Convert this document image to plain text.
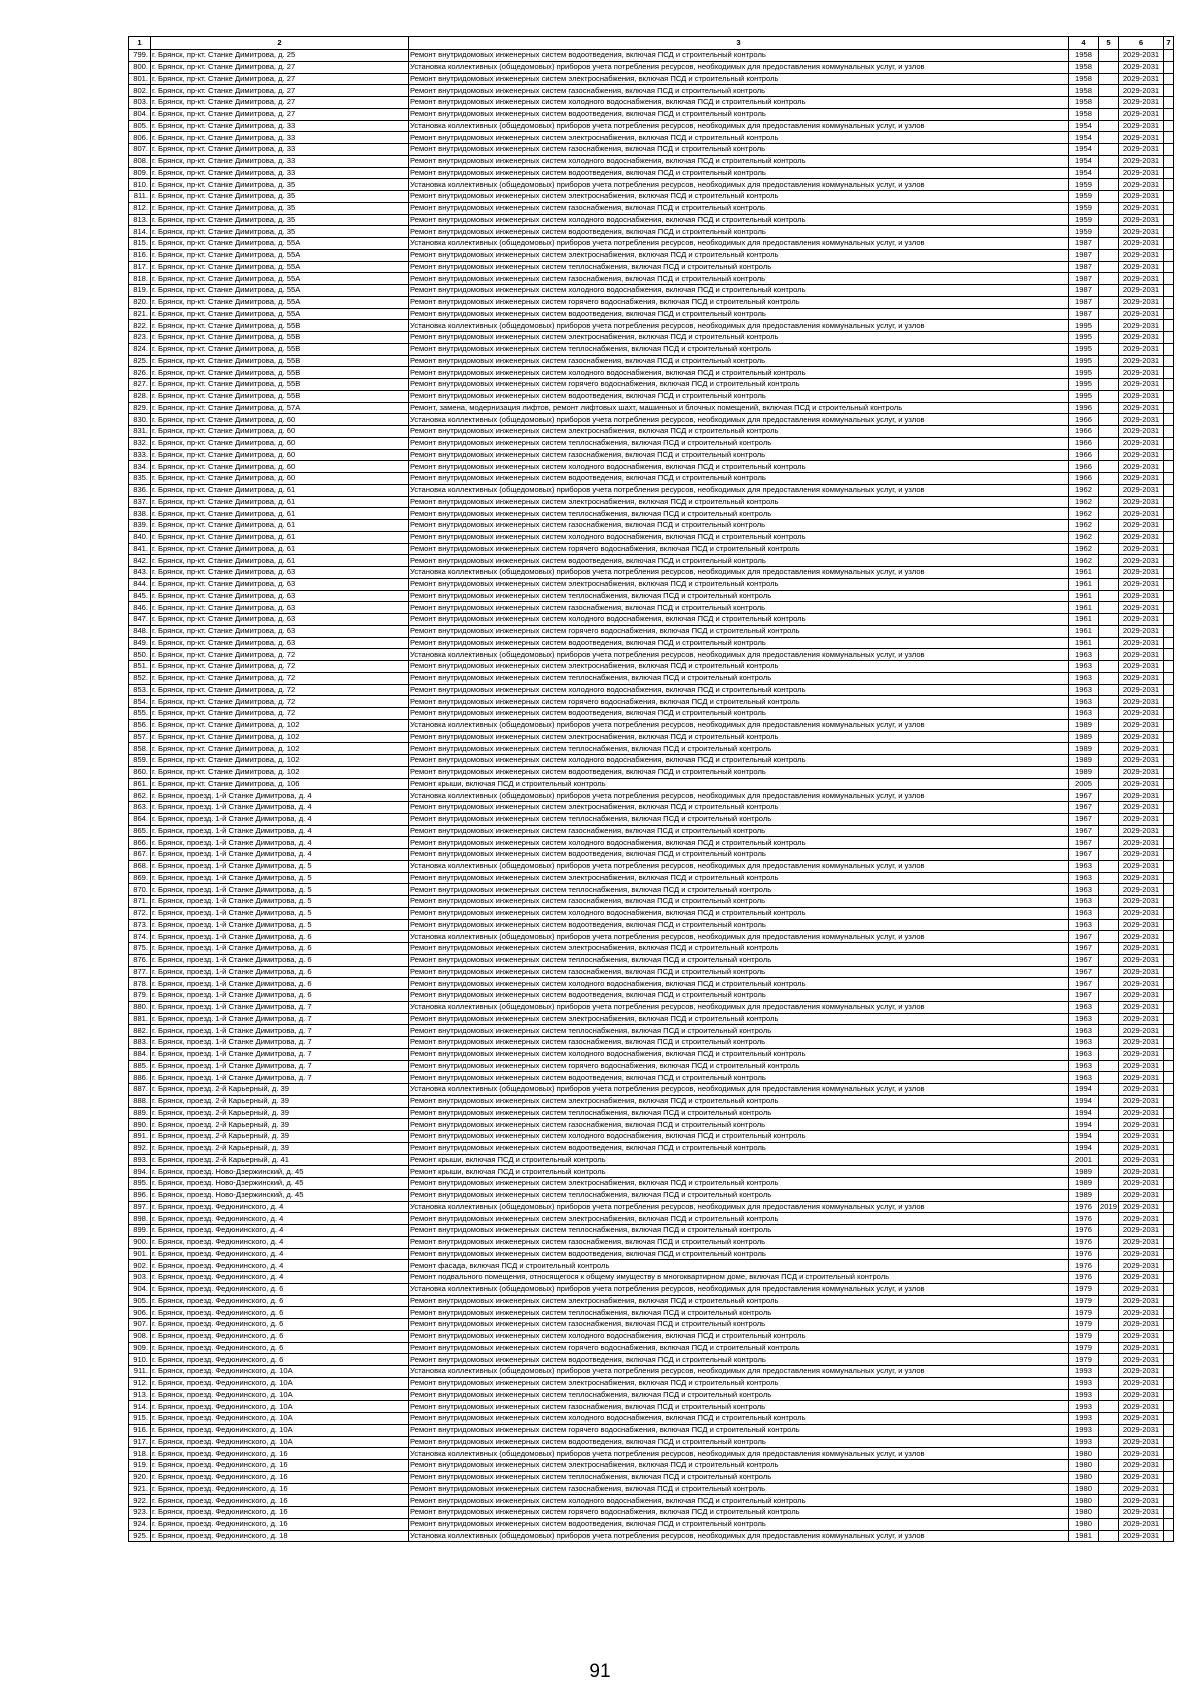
1	2	3	4	5	6	7
799.	г. Брянск, пр-кт. Станке Димитрова, д. 25	Ремонт внутридомовых инженерных систем водоотведения, включая ПСД и строительный контроль	1958		2029-2031	
800.	г. Брянск, пр-кт. Станке Димитрова, д. 27	Установка коллективных (общедомовых) приборов учета потребления ресурсов, необходимых для предоставления коммунальных услуг, и узлов	1958		2029-2031	
801.	г. Брянск, пр-кт. Станке Димитрова, д. 27	Ремонт внутридомовых инженерных систем электроснабжения, включая ПСД и строительный контроль	1958		2029-2031	
802.	г. Брянск, пр-кт. Станке Димитрова, д. 27	Ремонт внутридомовых инженерных систем газоснабжения, включая ПСД и строительный контроль	1958		2029-2031	
803.	г. Брянск, пр-кт. Станке Димитрова, д. 27	Ремонт внутридомовых инженерных систем холодного водоснабжения, включая ПСД и строительный контроль	1958		2029-2031	
804.	г. Брянск, пр-кт. Станке Димитрова, д. 27	Ремонт внутридомовых инженерных систем водоотведения, включая ПСД и строительный контроль	1958		2029-2031	
805.	г. Брянск, пр-кт. Станке Димитрова, д. 33	Установка коллективных (общедомовых) приборов учета потребления ресурсов, необходимых для предоставления коммунальных услуг, и узлов	1954		2029-2031	
806.	г. Брянск, пр-кт. Станке Димитрова, д. 33	Ремонт внутридомовых инженерных систем электроснабжения, включая ПСД и строительный контроль	1954		2029-2031	
807.	г. Брянск, пр-кт. Станке Димитрова, д. 33	Ремонт внутридомовых инженерных систем газоснабжения, включая ПСД и строительный контроль	1954		2029-2031	
808.	г. Брянск, пр-кт. Станке Димитрова, д. 33	Ремонт внутридомовых инженерных систем холодного водоснабжения, включая ПСД и строительный контроль	1954		2029-2031	
809.	г. Брянск, пр-кт. Станке Димитрова, д. 33	Ремонт внутридомовых инженерных систем водоотведения, включая ПСД и строительный контроль	1954		2029-2031	
810.	г. Брянск, пр-кт. Станке Димитрова, д. 35	Установка коллективных (общедомовых) приборов учета потребления ресурсов, необходимых для предоставления коммунальных услуг, и узлов	1959		2029-2031	
811.	г. Брянск, пр-кт. Станке Димитрова, д. 35	Ремонт внутридомовых инженерных систем электроснабжения, включая ПСД и строительный контроль	1959		2029-2031	
812.	г. Брянск, пр-кт. Станке Димитрова, д. 35	Ремонт внутридомовых инженерных систем газоснабжения, включая ПСД и строительный контроль	1959		2029-2031	
813.	г. Брянск, пр-кт. Станке Димитрова, д. 35	Ремонт внутридомовых инженерных систем холодного водоснабжения, включая ПСД и строительный контроль	1959		2029-2031	
814.	г. Брянск, пр-кт. Станке Димитрова, д. 35	Ремонт внутридомовых инженерных систем водоотведения, включая ПСД и строительный контроль	1959		2029-2031	
815.	г. Брянск, пр-кт. Станке Димитрова, д. 55А	Установка коллективных (общедомовых) приборов учета потребления ресурсов, необходимых для предоставления коммунальных услуг, и узлов	1987		2029-2031	
816.	г. Брянск, пр-кт. Станке Димитрова, д. 55А	Ремонт внутридомовых инженерных систем электроснабжения, включая ПСД и строительный контроль	1987		2029-2031	
817.	г. Брянск, пр-кт. Станке Димитрова, д. 55А	Ремонт внутридомовых инженерных систем теплоснабжения, включая ПСД и строительный контроль	1987		2029-2031	
818.	г. Брянск, пр-кт. Станке Димитрова, д. 55А	Ремонт внутридомовых инженерных систем газоснабжения, включая ПСД и строительный контроль	1987		2029-2031	
819.	г. Брянск, пр-кт. Станке Димитрова, д. 55А	Ремонт внутридомовых инженерных систем холодного водоснабжения, включая ПСД и строительный контроль	1987		2029-2031	
820.	г. Брянск, пр-кт. Станке Димитрова, д. 55А	Ремонт внутридомовых инженерных систем горячего водоснабжения, включая ПСД и строительный контроль	1987		2029-2031	
821.	г. Брянск, пр-кт. Станке Димитрова, д. 55А	Ремонт внутридомовых инженерных систем водоотведения, включая ПСД и строительный контроль	1987		2029-2031	
822.	г. Брянск, пр-кт. Станке Димитрова, д. 55В	Установка коллективных (общедомовых) приборов учета потребления ресурсов, необходимых для предоставления коммунальных услуг, и узлов	1995		2029-2031	
823.	г. Брянск, пр-кт. Станке Димитрова, д. 55В	Ремонт внутридомовых инженерных систем электроснабжения, включая ПСД и строительный контроль	1995		2029-2031	
824.	г. Брянск, пр-кт. Станке Димитрова, д. 55В	Ремонт внутридомовых инженерных систем теплоснабжения, включая ПСД и строительный контроль	1995		2029-2031	
825.	г. Брянск, пр-кт. Станке Димитрова, д. 55В	Ремонт внутридомовых инженерных систем газоснабжения, включая ПСД и строительный контроль	1995		2029-2031	
826.	г. Брянск, пр-кт. Станке Димитрова, д. 55В	Ремонт внутридомовых инженерных систем холодного водоснабжения, включая ПСД и строительный контроль	1995		2029-2031	
827.	г. Брянск, пр-кт. Станке Димитрова, д. 55В	Ремонт внутридомовых инженерных систем горячего водоснабжения, включая ПСД и строительный контроль	1995		2029-2031	
828.	г. Брянск, пр-кт. Станке Димитрова, д. 55В	Ремонт внутридомовых инженерных систем водоотведения, включая ПСД и строительный контроль	1995		2029-2031	
829.	г. Брянск, пр-кт. Станке Димитрова, д. 57А	Ремонт, замена, модернизация лифтов, ремонт лифтовых шахт, машинных и блочных помещений, включая ПСД и строительный контроль	1996		2029-2031	
830.	г. Брянск, пр-кт. Станке Димитрова, д. 60	Установка коллективных (общедомовых) приборов учета потребления ресурсов, необходимых для предоставления коммунальных услуг, и узлов	1966		2029-2031	
831.	г. Брянск, пр-кт. Станке Димитрова, д. 60	Ремонт внутридомовых инженерных систем электроснабжения, включая ПСД и строительный контроль	1966		2029-2031	
832.	г. Брянск, пр-кт. Станке Димитрова, д. 60	Ремонт внутридомовых инженерных систем теплоснабжения, включая ПСД и строительный контроль	1966		2029-2031	
833.	г. Брянск, пр-кт. Станке Димитрова, д. 60	Ремонт внутридомовых инженерных систем газоснабжения, включая ПСД и строительный контроль	1966		2029-2031	
834.	г. Брянск, пр-кт. Станке Димитрова, д. 60	Ремонт внутридомовых инженерных систем холодного водоснабжения, включая ПСД и строительный контроль	1966		2029-2031	
835.	г. Брянск, пр-кт. Станке Димитрова, д. 60	Ремонт внутридомовых инженерных систем водоотведения, включая ПСД и строительный контроль	1966		2029-2031	
836.	г. Брянск, пр-кт. Станке Димитрова, д. 61	Установка коллективных (общедомовых) приборов учета потребления ресурсов, необходимых для предоставления коммунальных услуг, и узлов	1962		2029-2031	
837.	г. Брянск, пр-кт. Станке Димитрова, д. 61	Ремонт внутридомовых инженерных систем электроснабжения, включая ПСД и строительный контроль	1962		2029-2031	
838.	г. Брянск, пр-кт. Станке Димитрова, д. 61	Ремонт внутридомовых инженерных систем теплоснабжения, включая ПСД и строительный контроль	1962		2029-2031	
839.	г. Брянск, пр-кт. Станке Димитрова, д. 61	Ремонт внутридомовых инженерных систем газоснабжения, включая ПСД и строительный контроль	1962		2029-2031	
840.	г. Брянск, пр-кт. Станке Димитрова, д. 61	Ремонт внутридомовых инженерных систем холодного водоснабжения, включая ПСД и строительный контроль	1962		2029-2031	
841.	г. Брянск, пр-кт. Станке Димитрова, д. 61	Ремонт внутридомовых инженерных систем горячего водоснабжения, включая ПСД и строительный контроль	1962		2029-2031	
842.	г. Брянск, пр-кт. Станке Димитрова, д. 61	Ремонт внутридомовых инженерных систем водоотведения, включая ПСД и строительный контроль	1962		2029-2031	
843.	г. Брянск, пр-кт. Станке Димитрова, д. 63	Установка коллективных (общедомовых) приборов учета потребления ресурсов, необходимых для предоставления коммунальных услуг, и узлов	1961		2029-2031	
844.	г. Брянск, пр-кт. Станке Димитрова, д. 63	Ремонт внутридомовых инженерных систем электроснабжения, включая ПСД и строительный контроль	1961		2029-2031	
845.	г. Брянск, пр-кт. Станке Димитрова, д. 63	Ремонт внутридомовых инженерных систем теплоснабжения, включая ПСД и строительный контроль	1961		2029-2031	
846.	г. Брянск, пр-кт. Станке Димитрова, д. 63	Ремонт внутридомовых инженерных систем газоснабжения, включая ПСД и строительный контроль	1961		2029-2031	
847.	г. Брянск, пр-кт. Станке Димитрова, д. 63	Ремонт внутридомовых инженерных систем холодного водоснабжения, включая ПСД и строительный контроль	1961		2029-2031	
848.	г. Брянск, пр-кт. Станке Димитрова, д. 63	Ремонт внутридомовых инженерных систем горячего водоснабжения, включая ПСД и строительный контроль	1961		2029-2031	
849.	г. Брянск, пр-кт. Станке Димитрова, д. 63	Ремонт внутридомовых инженерных систем водоотведения, включая ПСД и строительный контроль	1961		2029-2031	
850.	г. Брянск, пр-кт. Станке Димитрова, д. 72	Установка коллективных (общедомовых) приборов учета потребления ресурсов, необходимых для предоставления коммунальных услуг, и узлов	1963		2029-2031	
851.	г. Брянск, пр-кт. Станке Димитрова, д. 72	Ремонт внутридомовых инженерных систем электроснабжения, включая ПСД и строительный контроль	1963		2029-2031	
852.	г. Брянск, пр-кт. Станке Димитрова, д. 72	Ремонт внутридомовых инженерных систем теплоснабжения, включая ПСД и строительный контроль	1963		2029-2031	
853.	г. Брянск, пр-кт. Станке Димитрова, д. 72	Ремонт внутридомовых инженерных систем холодного водоснабжения, включая ПСД и строительный контроль	1963		2029-2031	
854.	г. Брянск, пр-кт. Станке Димитрова, д. 72	Ремонт внутридомовых инженерных систем горячего водоснабжения, включая ПСД и строительный контроль	1963		2029-2031	
855.	г. Брянск, пр-кт. Станке Димитрова, д. 72	Ремонт внутридомовых инженерных систем водоотведения, включая ПСД и строительный контроль	1963		2029-2031	
856.	г. Брянск, пр-кт. Станке Димитрова, д. 102	Установка коллективных (общедомовых) приборов учета потребления ресурсов, необходимых для предоставления коммунальных услуг, и узлов	1989		2029-2031	
857.	г. Брянск, пр-кт. Станке Димитрова, д. 102	Ремонт внутридомовых инженерных систем электроснабжения, включая ПСД и строительный контроль	1989		2029-2031	
858.	г. Брянск, пр-кт. Станке Димитрова, д. 102	Ремонт внутридомовых инженерных систем теплоснабжения, включая ПСД и строительный контроль	1989		2029-2031	
859.	г. Брянск, пр-кт. Станке Димитрова, д. 102	Ремонт внутридомовых инженерных систем холодного водоснабжения, включая ПСД и строительный контроль	1989		2029-2031	
860.	г. Брянск, пр-кт. Станке Димитрова, д. 102	Ремонт внутридомовых инженерных систем водоотведения, включая ПСД и строительный контроль	1989		2029-2031	
861.	г. Брянск, пр-кт. Станке Димитрова, д. 106	Ремонт крыши, включая ПСД и строительный контроль	2005		2029-2031	
862.	г. Брянск, проезд. 1-й Станке Димитрова, д. 4	Установка коллективных (общедомовых) приборов учета потребления ресурсов, необходимых для предоставления коммунальных услуг, и узлов	1967		2029-2031	
863.	г. Брянск, проезд. 1-й Станке Димитрова, д. 4	Ремонт внутридомовых инженерных систем электроснабжения, включая ПСД и строительный контроль	1967		2029-2031	
864.	г. Брянск, проезд. 1-й Станке Димитрова, д. 4	Ремонт внутридомовых инженерных систем теплоснабжения, включая ПСД и строительный контроль	1967		2029-2031	
865.	г. Брянск, проезд. 1-й Станке Димитрова, д. 4	Ремонт внутридомовых инженерных систем газоснабжения, включая ПСД и строительный контроль	1967		2029-2031	
866.	г. Брянск, проезд. 1-й Станке Димитрова, д. 4	Ремонт внутридомовых инженерных систем холодного водоснабжения, включая ПСД и строительный контроль	1967		2029-2031	
867.	г. Брянск, проезд. 1-й Станке Димитрова, д. 4	Ремонт внутридомовых инженерных систем водоотведения, включая ПСД и строительный контроль	1967		2029-2031	
868.	г. Брянск, проезд. 1-й Станке Димитрова, д. 5	Установка коллективных (общедомовых) приборов учета потребления ресурсов, необходимых для предоставления коммунальных услуг, и узлов	1963		2029-2031	
869.	г. Брянск, проезд. 1-й Станке Димитрова, д. 5	Ремонт внутридомовых инженерных систем электроснабжения, включая ПСД и строительный контроль	1963		2029-2031	
870.	г. Брянск, проезд. 1-й Станке Димитрова, д. 5	Ремонт внутридомовых инженерных систем теплоснабжения, включая ПСД и строительный контроль	1963		2029-2031	
871.	г. Брянск, проезд. 1-й Станке Димитрова, д. 5	Ремонт внутридомовых инженерных систем газоснабжения, включая ПСД и строительный контроль	1963		2029-2031	
872.	г. Брянск, проезд. 1-й Станке Димитрова, д. 5	Ремонт внутридомовых инженерных систем холодного водоснабжения, включая ПСД и строительный контроль	1963		2029-2031	
873.	г. Брянск, проезд. 1-й Станке Димитрова, д. 5	Ремонт внутридомовых инженерных систем водоотведения, включая ПСД и строительный контроль	1963		2029-2031	
874.	г. Брянск, проезд. 1-й Станке Димитрова, д. 6	Установка коллективных (общедомовых) приборов учета потребления ресурсов, необходимых для предоставления коммунальных услуг, и узлов	1967		2029-2031	
875.	г. Брянск, проезд. 1-й Станке Димитрова, д. 6	Ремонт внутридомовых инженерных систем электроснабжения, включая ПСД и строительный контроль	1967		2029-2031	
876.	г. Брянск, проезд. 1-й Станке Димитрова, д. 6	Ремонт внутридомовых инженерных систем теплоснабжения, включая ПСД и строительный контроль	1967		2029-2031	
877.	г. Брянск, проезд. 1-й Станке Димитрова, д. 6	Ремонт внутридомовых инженерных систем газоснабжения, включая ПСД и строительный контроль	1967		2029-2031	
878.	г. Брянск, проезд. 1-й Станке Димитрова, д. 6	Ремонт внутридомовых инженерных систем холодного водоснабжения, включая ПСД и строительный контроль	1967		2029-2031	
879.	г. Брянск, проезд. 1-й Станке Димитрова, д. 6	Ремонт внутридомовых инженерных систем водоотведения, включая ПСД и строительный контроль	1967		2029-2031	
880.	г. Брянск, проезд. 1-й Станке Димитрова, д. 7	Установка коллективных (общедомовых) приборов учета потребления ресурсов, необходимых для предоставления коммунальных услуг, и узлов	1963		2029-2031	
881.	г. Брянск, проезд. 1-й Станке Димитрова, д. 7	Ремонт внутридомовых инженерных систем электроснабжения, включая ПСД и строительный контроль	1963		2029-2031	
882.	г. Брянск, проезд. 1-й Станке Димитрова, д. 7	Ремонт внутридомовых инженерных систем теплоснабжения, включая ПСД и строительный контроль	1963		2029-2031	
883.	г. Брянск, проезд. 1-й Станке Димитрова, д. 7	Ремонт внутридомовых инженерных систем газоснабжения, включая ПСД и строительный контроль	1963		2029-2031	
884.	г. Брянск, проезд. 1-й Станке Димитрова, д. 7	Ремонт внутридомовых инженерных систем холодного водоснабжения, включая ПСД и строительный контроль	1963		2029-2031	
885.	г. Брянск, проезд. 1-й Станке Димитрова, д. 7	Ремонт внутридомовых инженерных систем горячего водоснабжения, включая ПСД и строительный контроль	1963		2029-2031	
886.	г. Брянск, проезд. 1-й Станке Димитрова, д. 7	Ремонт внутридомовых инженерных систем водоотведения, включая ПСД и строительный контроль	1963		2029-2031	
887.	г. Брянск, проезд. 2-й Карьерный, д. 39	Установка коллективных (общедомовых) приборов учета потребления ресурсов, необходимых для предоставления коммунальных услуг, и узлов	1994		2029-2031	
888.	г. Брянск, проезд. 2-й Карьерный, д. 39	Ремонт внутридомовых инженерных систем электроснабжения, включая ПСД и строительный контроль	1994		2029-2031	
889.	г. Брянск, проезд. 2-й Карьерный, д. 39	Ремонт внутридомовых инженерных систем теплоснабжения, включая ПСД и строительный контроль	1994		2029-2031	
890.	г. Брянск, проезд. 2-й Карьерный, д. 39	Ремонт внутридомовых инженерных систем газоснабжения, включая ПСД и строительный контроль	1994		2029-2031	
891.	г. Брянск, проезд. 2-й Карьерный, д. 39	Ремонт внутридомовых инженерных систем холодного водоснабжения, включая ПСД и строительный контроль	1994		2029-2031	
892.	г. Брянск, проезд. 2-й Карьерный, д. 39	Ремонт внутридомовых инженерных систем водоотведения, включая ПСД и строительный контроль	1994		2029-2031	
893.	г. Брянск, проезд. 2-й Карьерный, д. 41	Ремонт крыши, включая ПСД и строительный контроль	2001		2029-2031	
894.	г. Брянск, проезд. Ново-Дзержинский, д. 45	Ремонт крыши, включая ПСД и строительный контроль	1989		2029-2031	
895.	г. Брянск, проезд. Ново-Дзержинский, д. 45	Ремонт внутридомовых инженерных систем электроснабжения, включая ПСД и строительный контроль	1989		2029-2031	
896.	г. Брянск, проезд. Ново-Дзержинский, д. 45	Ремонт внутридомовых инженерных систем теплоснабжения, включая ПСД и строительный контроль	1989		2029-2031	
897.	г. Брянск, проезд. Федюнинского, д. 4	Установка коллективных (общедомовых) приборов учета потребления ресурсов, необходимых для предоставления коммунальных услуг, и узлов	1976	2019	2029-2031	
898.	г. Брянск, проезд. Федюнинского, д. 4	Ремонт внутридомовых инженерных систем электроснабжения, включая ПСД и строительный контроль	1976		2029-2031	
899.	г. Брянск, проезд. Федюнинского, д. 4	Ремонт внутридомовых инженерных систем теплоснабжения, включая ПСД и строительный контроль	1976		2029-2031	
900.	г. Брянск, проезд. Федюнинского, д. 4	Ремонт внутридомовых инженерных систем газоснабжения, включая ПСД и строительный контроль	1976		2029-2031	
901.	г. Брянск, проезд. Федюнинского, д. 4	Ремонт внутридомовых инженерных систем водоотведения, включая ПСД и строительный контроль	1976		2029-2031	
902.	г. Брянск, проезд. Федюнинского, д. 4	Ремонт фасада, включая ПСД и строительный контроль	1976		2029-2031	
903.	г. Брянск, проезд. Федюнинского, д. 4	Ремонт подвального помещения, относящегося к общему имуществу в многоквартирном доме, включая ПСД и строительный контроль	1976		2029-2031	
904.	г. Брянск, проезд. Федюнинского, д. 6	Установка коллективных (общедомовых) приборов учета потребления ресурсов, необходимых для предоставления коммунальных услуг, и узлов	1979		2029-2031	
905.	г. Брянск, проезд. Федюнинского, д. 6	Ремонт внутридомовых инженерных систем электроснабжения, включая ПСД и строительный контроль	1979		2029-2031	
906.	г. Брянск, проезд. Федюнинского, д. 6	Ремонт внутридомовых инженерных систем теплоснабжения, включая ПСД и строительный контроль	1979		2029-2031	
907.	г. Брянск, проезд. Федюнинского, д. 6	Ремонт внутридомовых инженерных систем газоснабжения, включая ПСД и строительный контроль	1979		2029-2031	
908.	г. Брянск, проезд. Федюнинского, д. 6	Ремонт внутридомовых инженерных систем холодного водоснабжения, включая ПСД и строительный контроль	1979		2029-2031	
909.	г. Брянск, проезд. Федюнинского, д. 6	Ремонт внутридомовых инженерных систем горячего водоснабжения, включая ПСД и строительный контроль	1979		2029-2031	
910.	г. Брянск, проезд. Федюнинского, д. 6	Ремонт внутридомовых инженерных систем водоотведения, включая ПСД и строительный контроль	1979		2029-2031	
911.	г. Брянск, проезд. Федюнинского, д. 10А	Установка коллективных (общедомовых) приборов учета потребления ресурсов, необходимых для предоставления коммунальных услуг, и узлов	1993		2029-2031	
912.	г. Брянск, проезд. Федюнинского, д. 10А	Ремонт внутридомовых инженерных систем электроснабжения, включая ПСД и строительный контроль	1993		2029-2031	
913.	г. Брянск, проезд. Федюнинского, д. 10А	Ремонт внутридомовых инженерных систем теплоснабжения, включая ПСД и строительный контроль	1993		2029-2031	
914.	г. Брянск, проезд. Федюнинского, д. 10А	Ремонт внутридомовых инженерных систем газоснабжения, включая ПСД и строительный контроль	1993		2029-2031	
915.	г. Брянск, проезд. Федюнинского, д. 10А	Ремонт внутридомовых инженерных систем холодного водоснабжения, включая ПСД и строительный контроль	1993		2029-2031	
916.	г. Брянск, проезд. Федюнинского, д. 10А	Ремонт внутридомовых инженерных систем горячего водоснабжения, включая ПСД и строительный контроль	1993		2029-2031	
917.	г. Брянск, проезд. Федюнинского, д. 10А	Ремонт внутридомовых инженерных систем водоотведения, включая ПСД и строительный контроль	1993		2029-2031	
918.	г. Брянск, проезд. Федюнинского, д. 16	Установка коллективных (общедомовых) приборов учета потребления ресурсов, необходимых для предоставления коммунальных услуг, и узлов	1980		2029-2031	
919.	г. Брянск, проезд. Федюнинского, д. 16	Ремонт внутридомовых инженерных систем электроснабжения, включая ПСД и строительный контроль	1980		2029-2031	
920.	г. Брянск, проезд. Федюнинского, д. 16	Ремонт внутридомовых инженерных систем теплоснабжения, включая ПСД и строительный контроль	1980		2029-2031	
921.	г. Брянск, проезд. Федюнинского, д. 16	Ремонт внутридомовых инженерных систем газоснабжения, включая ПСД и строительный контроль	1980		2029-2031	
922.	г. Брянск, проезд. Федюнинского, д. 16	Ремонт внутридомовых инженерных систем холодного водоснабжения, включая ПСД и строительный контроль	1980		2029-2031	
923.	г. Брянск, проезд. Федюнинского, д. 16	Ремонт внутридомовых инженерных систем горячего водоснабжения, включая ПСД и строительный контроль	1980		2029-2031	
924.	г. Брянск, проезд. Федюнинского, д. 16	Ремонт внутридомовых инженерных систем водоотведения, включая ПСД и строительный контроль	1980		2029-2031	
925.	г. Брянск, проезд. Федюнинского, д. 18	Установка коллективных (общедомовых) приборов учета потребления ресурсов, необходимых для предоставления коммунальных услуг, и узлов	1981		2029-2031	
91
